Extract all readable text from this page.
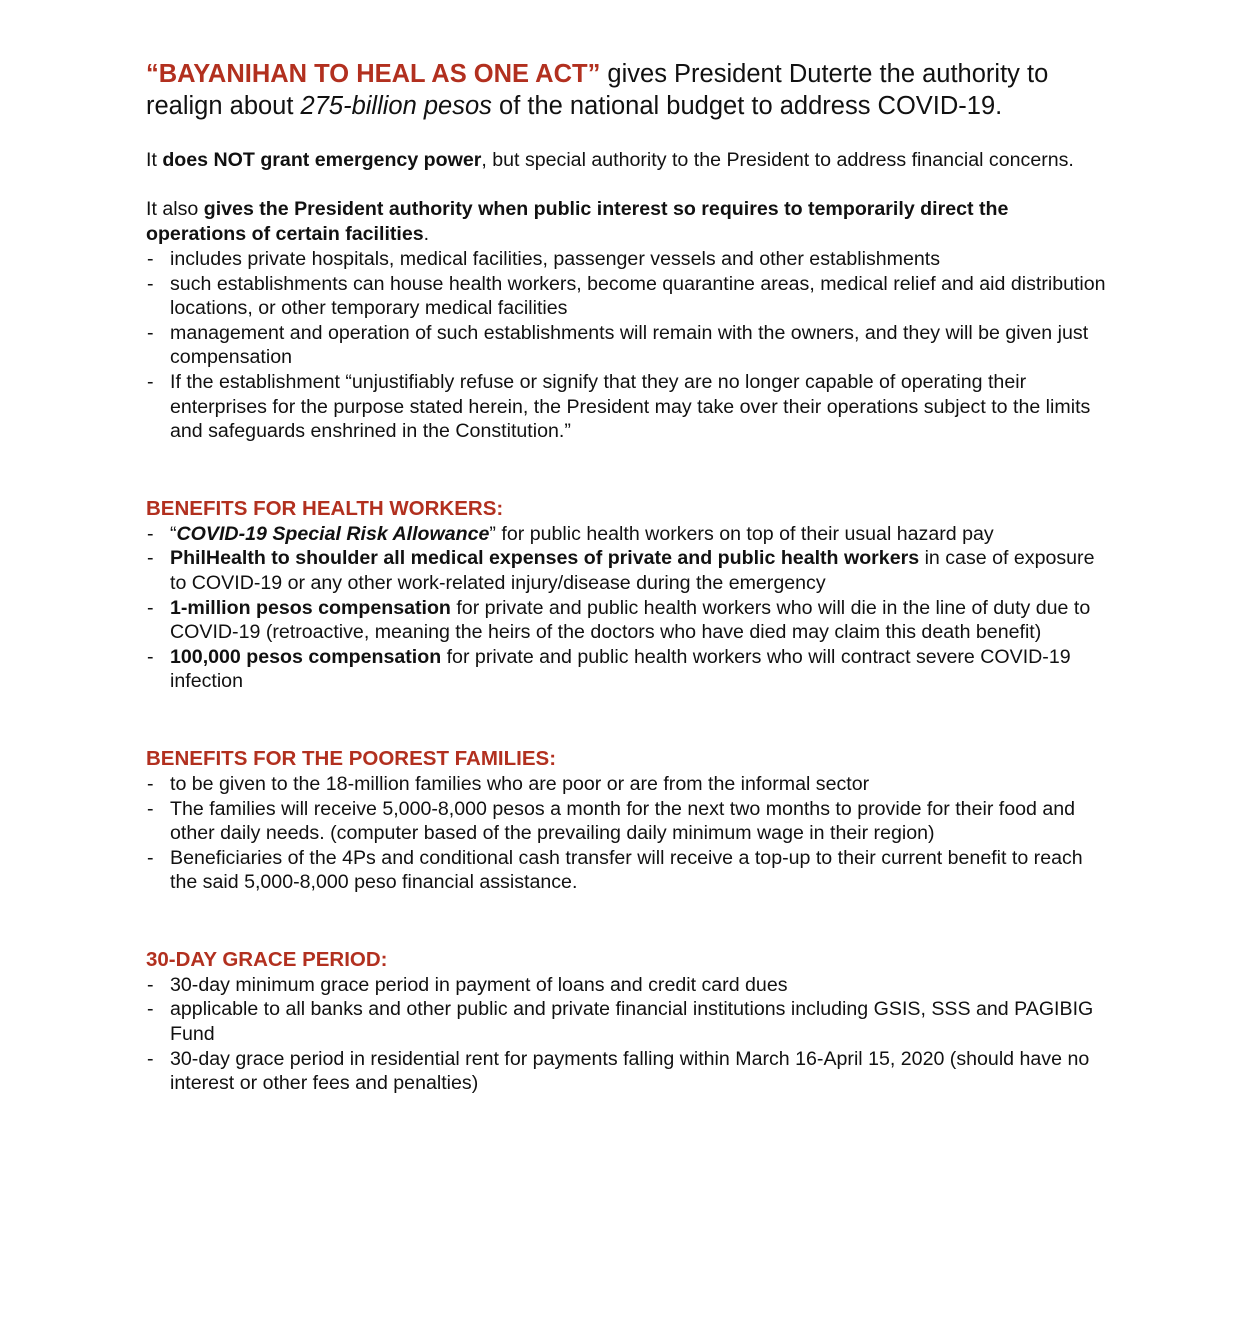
“BAYANIHAN TO HEAL AS ONE ACT” gives President Duterte the authority to realign about 275-billion pesos of the national budget to address COVID-19.

It does NOT grant emergency power, but special authority to the President to address financial concerns.

It also gives the President authority when public interest so requires to temporarily direct the operations of certain facilities.

- includes private hospitals, medical facilities, passenger vessels and other establishments
- such establishments can house health workers, become quarantine areas, medical relief and aid distribution locations, or other temporary medical facilities
- management and operation of such establishments will remain with the owners, and they will be given just compensation
- If the establishment “unjustifiably refuse or signify that they are no longer capable of operating their enterprises for the purpose stated herein, the President may take over their operations subject to the limits and safeguards enshrined in the Constitution.”
BENEFITS FOR HEALTH WORKERS:
- “COVID-19 Special Risk Allowance” for public health workers on top of their usual hazard pay
- PhilHealth to shoulder all medical expenses of private and public health workers in case of exposure to COVID-19 or any other work-related injury/disease during the emergency
- 1-million pesos compensation for private and public health workers who will die in the line of duty due to COVID-19 (retroactive, meaning the heirs of the doctors who have died may claim this death benefit)
- 100,000 pesos compensation for private and public health workers who will contract severe COVID-19 infection
BENEFITS FOR THE POOREST FAMILIES:
- to be given to the 18-million families who are poor or are from the informal sector
- The families will receive 5,000-8,000 pesos a month for the next two months to provide for their food and other daily needs. (computer based of the prevailing daily minimum wage in their region)
- Beneficiaries of the 4Ps and conditional cash transfer will receive a top-up to their current benefit to reach the said 5,000-8,000 peso financial assistance.
30-DAY GRACE PERIOD:
- 30-day minimum grace period in payment of loans and credit card dues
- applicable to all banks and other public and private financial institutions including GSIS, SSS and PAGIBIG Fund
- 30-day grace period in residential rent for payments falling within March 16-April 15, 2020 (should have no interest or other fees and penalties)
